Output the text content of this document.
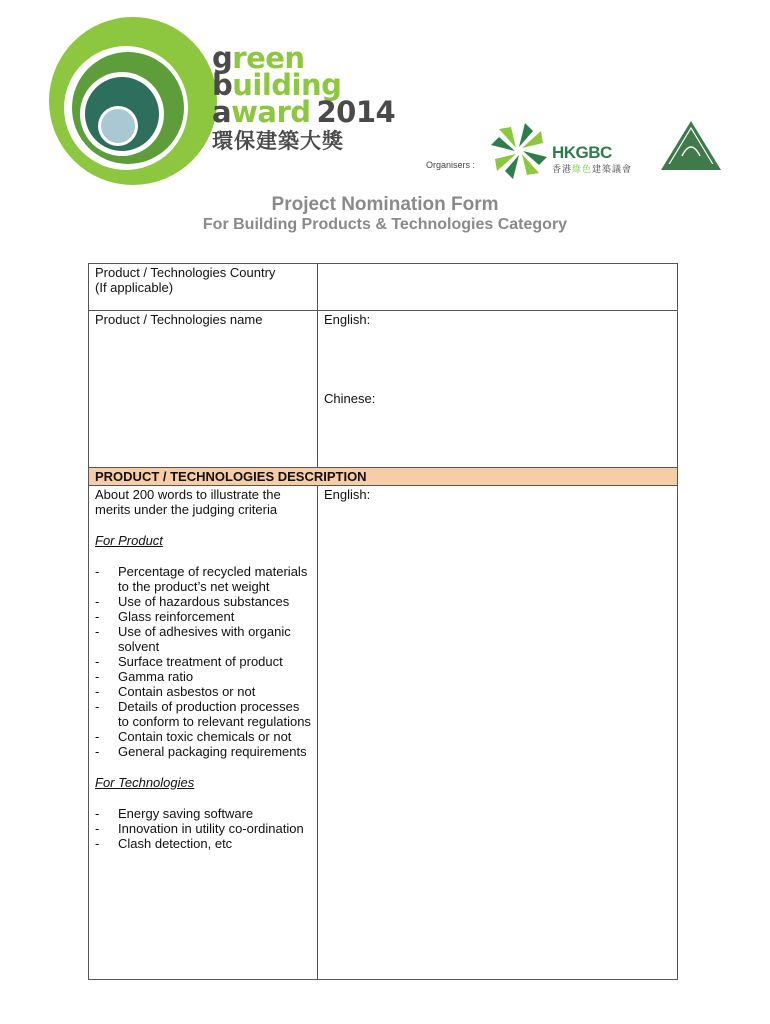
green
building
award 2014
環保建築大獎
Organisers :
HKGBC
香港綠色建築議會
Project Nomination Form
For Building Products & Technologies Category
Product / Technologies Country
(If applicable)
Product / Technologies name	English:
Chinese:
PRODUCT / TECHNOLOGIES DESCRIPTION
About 200 words to illustrate the
merits under the judging criteria
For Product
- Percentage of recycled materials to the product’s net weight
- Use of hazardous substances
- Glass reinforcement
- Use of adhesives with organic solvent
- Surface treatment of product
- Gamma ratio
- Contain asbestos or not
- Details of production processes to conform to relevant regulations
- Contain toxic chemicals or not
- General packaging requirements
For Technologies
- Energy saving software
- Innovation in utility co-ordination
- Clash detection, etc
English:
